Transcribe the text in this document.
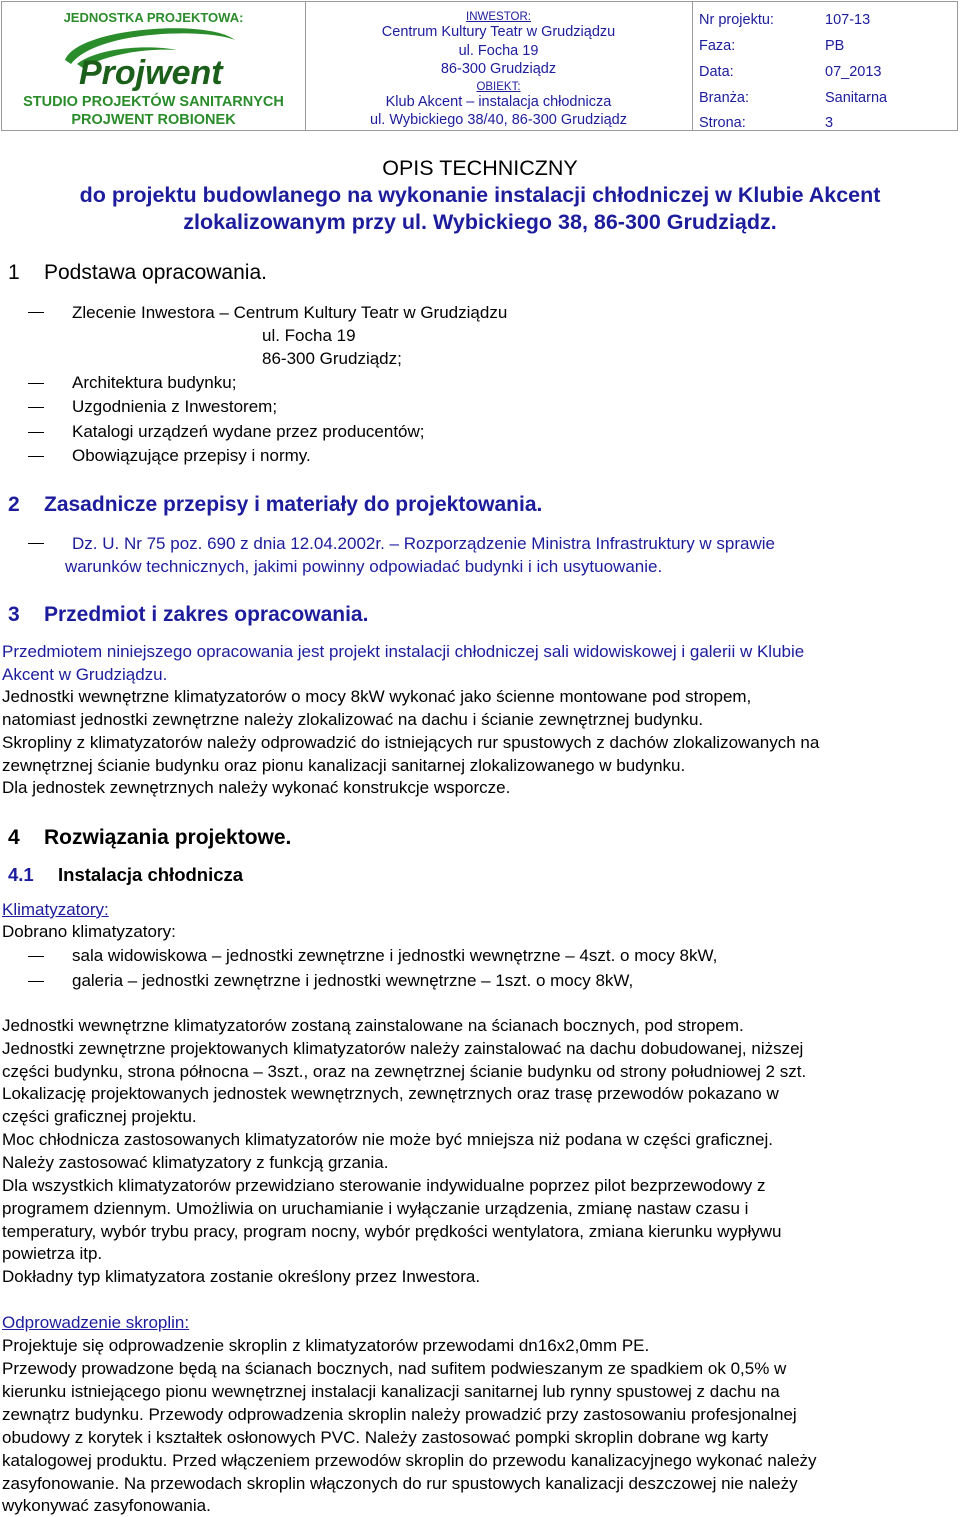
JEDNOSTKA PROJEKTOWA:
Projwent
STUDIO PROJEKTÓW SANITARNYCH
PROJWENT ROBIONEK
INWESTOR:
Centrum Kultury Teatr w Grudziądzu
ul. Focha 19
86-300 Grudziądz
OBIEKT:
Klub Akcent – instalacja chłodnicza
ul. Wybickiego 38/40, 86-300 Grudziądz
Nr projektu:	107-13
Faza:	PB
Data:	07_2013
Branża:	Sanitarna
Strona:	3
OPIS TECHNICZNY
do projektu budowlanego na wykonanie instalacji chłodniczej w Klubie Akcent
zlokalizowanym przy ul. Wybickiego 38, 86-300 Grudziądz.
1 Podstawa opracowania.
Zlecenie Inwestora – Centrum Kultury Teatr w Grudziądzu
ul. Focha 19
86-300 Grudziądz;
Architektura budynku;
Uzgodnienia z Inwestorem;
Katalogi urządzeń wydane przez producentów;
Obowiązujące przepisy i normy.
2 Zasadnicze przepisy i materiały do projektowania.
Dz. U. Nr 75 poz. 690 z dnia 12.04.2002r. – Rozporządzenie Ministra Infrastruktury w sprawie
warunków technicznych, jakimi powinny odpowiadać budynki i ich usytuowanie.
3 Przedmiot i zakres opracowania.
Przedmiotem niniejszego opracowania jest projekt instalacji chłodniczej sali widowiskowej i galerii w Klubie
Akcent w Grudziądzu.
Jednostki wewnętrzne klimatyzatorów o mocy 8kW wykonać jako ścienne montowane pod stropem,
natomiast jednostki zewnętrzne należy zlokalizować na dachu i ścianie zewnętrznej budynku.
Skropliny z klimatyzatorów należy odprowadzić do istniejących rur spustowych z dachów zlokalizowanych na
zewnętrznej ścianie budynku oraz pionu kanalizacji sanitarnej zlokalizowanego w budynku.
Dla jednostek zewnętrznych należy wykonać konstrukcje wsporcze.
4 Rozwiązania projektowe.
4.1 Instalacja chłodnicza
Klimatyzatory:
Dobrano klimatyzatory:
sala widowiskowa – jednostki zewnętrzne i jednostki wewnętrzne – 4szt. o mocy 8kW,
galeria – jednostki zewnętrzne i jednostki wewnętrzne – 1szt. o mocy 8kW,
Jednostki wewnętrzne klimatyzatorów zostaną zainstalowane na ścianach bocznych, pod stropem.
Jednostki zewnętrzne projektowanych klimatyzatorów należy zainstalować na dachu dobudowanej, niższej
części budynku, strona północna – 3szt., oraz na zewnętrznej ścianie budynku od strony południowej 2 szt.
Lokalizację projektowanych jednostek wewnętrznych, zewnętrznych oraz trasę przewodów pokazano w
części graficznej projektu.
Moc chłodnicza zastosowanych klimatyzatorów nie może być mniejsza niż podana w części graficznej.
Należy zastosować klimatyzatory z funkcją grzania.
Dla wszystkich klimatyzatorów przewidziano sterowanie indywidualne poprzez pilot bezprzewodowy z
programem dziennym. Umożliwia on uruchamianie i wyłączanie urządzenia, zmianę nastaw czasu i
temperatury, wybór trybu pracy, program nocny, wybór prędkości wentylatora, zmiana kierunku wypływu
powietrza itp.
Dokładny typ klimatyzatora zostanie określony przez Inwestora.
Odprowadzenie skroplin:
Projektuje się odprowadzenie skroplin z klimatyzatorów przewodami dn16x2,0mm PE.
Przewody prowadzone będą na ścianach bocznych, nad sufitem podwieszanym ze spadkiem ok 0,5% w
kierunku istniejącego pionu wewnętrznej instalacji kanalizacji sanitarnej lub rynny spustowej z dachu na
zewnątrz budynku. Przewody odprowadzenia skroplin należy prowadzić przy zastosowaniu profesjonalnej
obudowy z korytek i kształtek osłonowych PVC. Należy zastosować pompki skroplin dobrane wg karty
katalogowej produktu. Przed włączeniem przewodów skroplin do przewodu kanalizacyjnego wykonać należy
zasyfonowanie. Na przewodach skroplin włączonych do rur spustowych kanalizacji deszczowej nie należy
wykonywać zasyfonowania.
